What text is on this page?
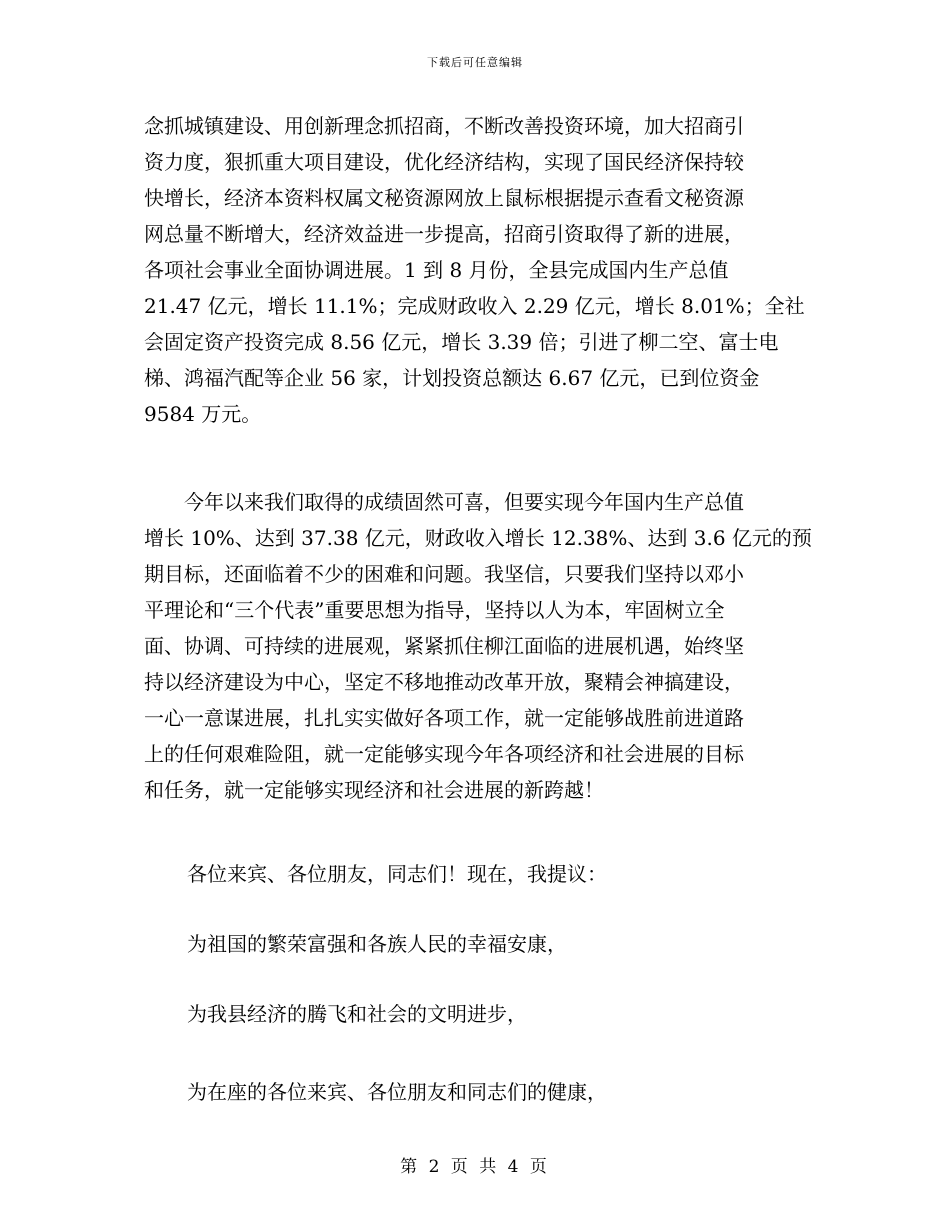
下载后可任意编辑
念抓城镇建设、用创新理念抓招商，不断改善投资环境，加大招商引
资力度，狠抓重大项目建设，优化经济结构，实现了国民经济保持较
快增长，经济本资料权属文秘资源网放上鼠标根据提示查看文秘资源
网总量不断增大，经济效益进一步提高，招商引资取得了新的进展，
各项社会事业全面协调进展。1 到 8 月份，全县完成国内生产总值
21.47 亿元，增长 11.1%；完成财政收入 2.29 亿元，增长 8.01%；全社
会固定资产投资完成 8.56 亿元，增长 3.39 倍；引进了柳二空、富士电
梯、鸿福汽配等企业 56 家，计划投资总额达 6.67 亿元，已到位资金
9584 万元。
　　今年以来我们取得的成绩固然可喜，但要实现今年国内生产总值
增长 10%、达到 37.38 亿元，财政收入增长 12.38%、达到 3.6 亿元的预
期目标，还面临着不少的困难和问题。我坚信，只要我们坚持以邓小
平理论和“三个代表”重要思想为指导，坚持以人为本，牢固树立全
面、协调、可持续的进展观，紧紧抓住柳江面临的进展机遇，始终坚
持以经济建设为中心，坚定不移地推动改革开放，聚精会神搞建设，
一心一意谋进展，扎扎实实做好各项工作，就一定能够战胜前进道路
上的任何艰难险阻，就一定能够实现今年各项经济和社会进展的目标
和任务，就一定能够实现经济和社会进展的新跨越！

各位来宾、各位朋友，同志们！现在，我提议：

为祖国的繁荣富强和各族人民的幸福安康，

为我县经济的腾飞和社会的文明进步，

为在座的各位来宾、各位朋友和同志们的健康，

第 2 页 共 4 页
